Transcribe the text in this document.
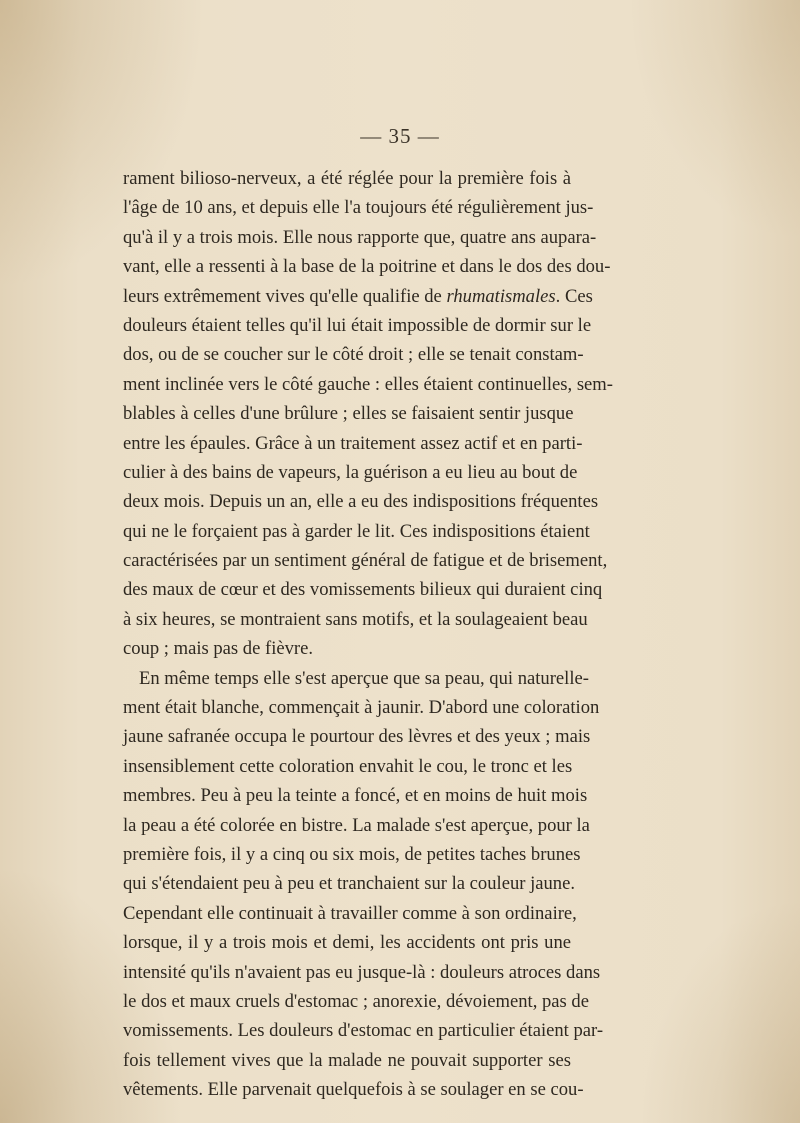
— 35 —
rament bilioso-nerveux, a été réglée pour la première fois à
l'âge de 10 ans, et depuis elle l'a toujours été régulièrement jus-
qu'à il y a trois mois. Elle nous rapporte que, quatre ans aupara-
vant, elle a ressenti à la base de la poitrine et dans le dos des dou-
leurs extrêmement vives qu'elle qualifie de rhumatismales. Ces
douleurs étaient telles qu'il lui était impossible de dormir sur le
dos, ou de se coucher sur le côté droit ; elle se tenait constam-
ment inclinée vers le côté gauche : elles étaient continuelles, sem-
blables à celles d'une brûlure ; elles se faisaient sentir jusque
entre les épaules. Grâce à un traitement assez actif et en parti-
culier à des bains de vapeurs, la guérison a eu lieu au bout de
deux mois. Depuis un an, elle a eu des indispositions fréquentes
qui ne le forçaient pas à garder le lit. Ces indispositions étaient
caractérisées par un sentiment général de fatigue et de brisement,
des maux de cœur et des vomissements bilieux qui duraient cinq
à six heures, se montraient sans motifs, et la soulageaient beau
coup ; mais pas de fièvre.
En même temps elle s'est aperçue que sa peau, qui naturelle-
ment était blanche, commençait à jaunir. D'abord une coloration
jaune safranée occupa le pourtour des lèvres et des yeux ; mais
insensiblement cette coloration envahit le cou, le tronc et les
membres. Peu à peu la teinte a foncé, et en moins de huit mois
la peau a été colorée en bistre. La malade s'est aperçue, pour la
première fois, il y a cinq ou six mois, de petites taches brunes
qui s'étendaient peu à peu et tranchaient sur la couleur jaune.
Cependant elle continuait à travailler comme à son ordinaire,
lorsque, il y a trois mois et demi, les accidents ont pris une
intensité qu'ils n'avaient pas eu jusque-là : douleurs atroces dans
le dos et maux cruels d'estomac ; anorexie, dévoiement, pas de
vomissements. Les douleurs d'estomac en particulier étaient par-
fois tellement vives que la malade ne pouvait supporter ses
vêtements. Elle parvenait quelquefois à se soulager en se cou-
